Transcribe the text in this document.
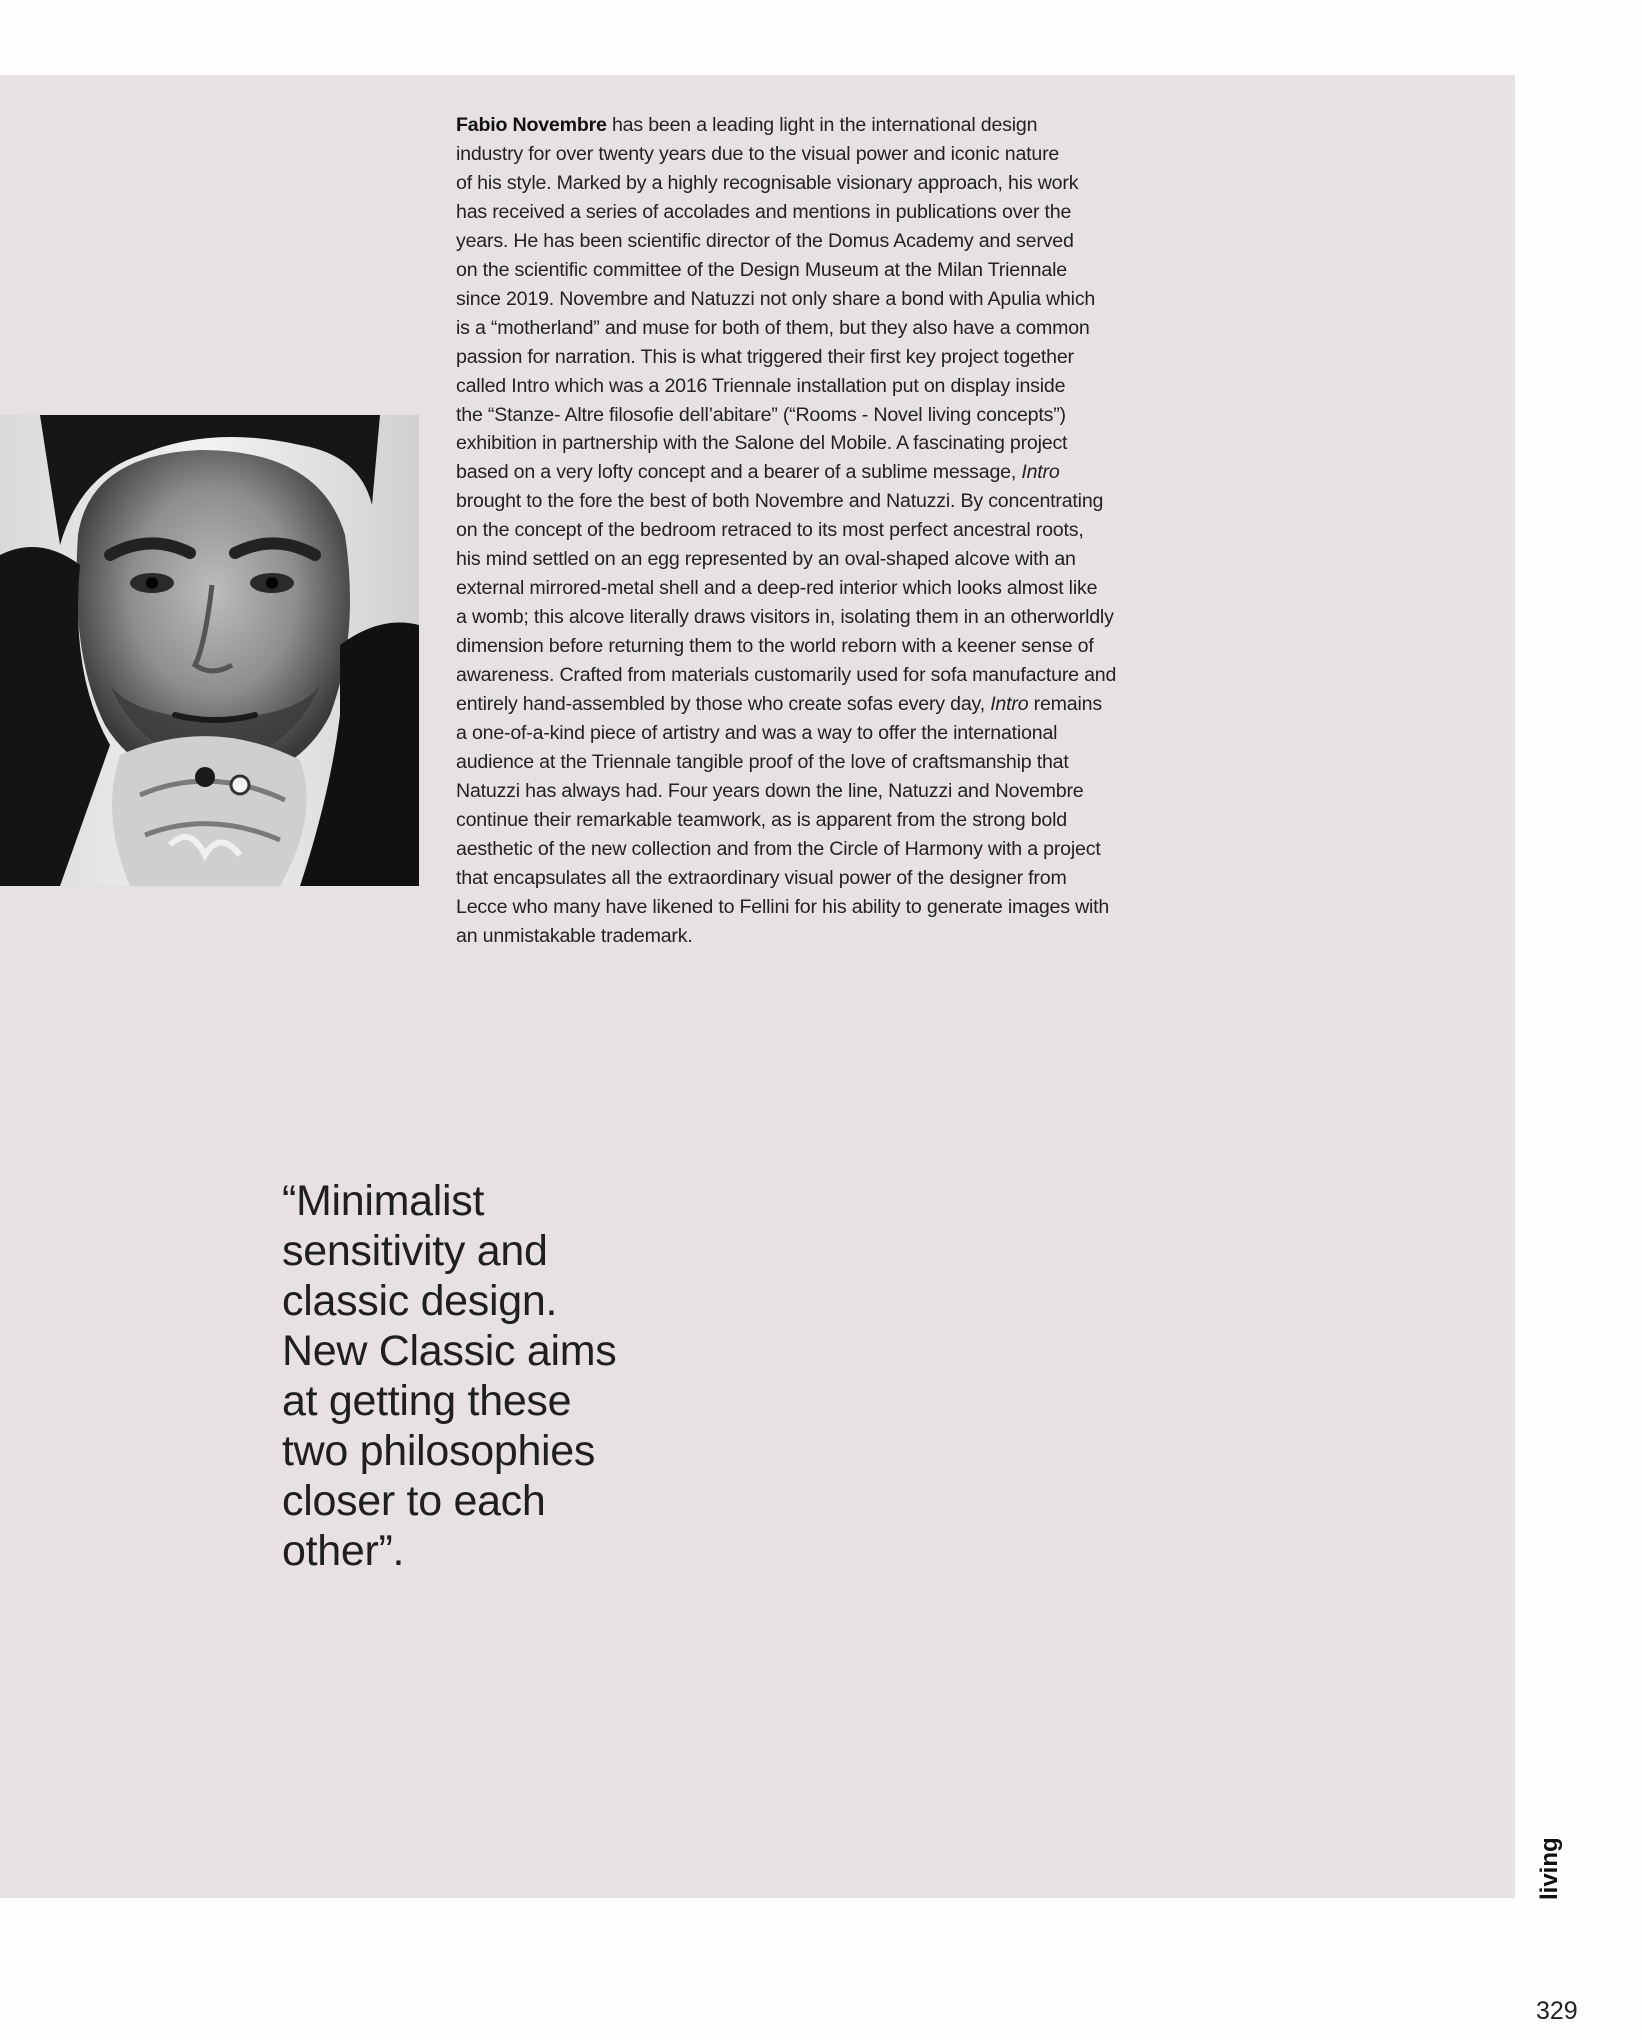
Fabio Novembre has been a leading light in the international design
industry for over twenty years due to the visual power and iconic nature
of his style. Marked by a highly recognisable visionary approach, his work
has received a series of accolades and mentions in publications over the
years. He has been scientific director of the Domus Academy and served
on the scientific committee of the Design Museum at the Milan Triennale
since 2019. Novembre and Natuzzi not only share a bond with Apulia which
is a “motherland” and muse for both of them, but they also have a common
passion for narration. This is what triggered their first key project together
called Intro which was a 2016 Triennale installation put on display inside
the “Stanze- Altre filosofie dell’abitare” (“Rooms - Novel living concepts”)
exhibition in partnership with the Salone del Mobile. A fascinating project
based on a very lofty concept and a bearer of a sublime message, Intro
brought to the fore the best of both Novembre and Natuzzi. By concentrating
on the concept of the bedroom retraced to its most perfect ancestral roots,
his mind settled on an egg represented by an oval-shaped alcove with an
external mirrored-metal shell and a deep-red interior which looks almost like
a womb; this alcove literally draws visitors in, isolating them in an otherworldly
dimension before returning them to the world reborn with a keener sense of
awareness. Crafted from materials customarily used for sofa manufacture and
entirely hand-assembled by those who create sofas every day, Intro remains
a one-of-a-kind piece of artistry and was a way to offer the international
audience at the Triennale tangible proof of the love of craftsmanship that
Natuzzi has always had. Four years down the line, Natuzzi and Novembre
continue their remarkable teamwork, as is apparent from the strong bold
aesthetic of the new collection and from the Circle of Harmony with a project
that encapsulates all the extraordinary visual power of the designer from
Lecce who many have likened to Fellini for his ability to generate images with
an unmistakable trademark.
“Minimalist
sensitivity and
classic design.
New Classic aims
at getting these
two philosophies
closer to each
other”.
living
329
